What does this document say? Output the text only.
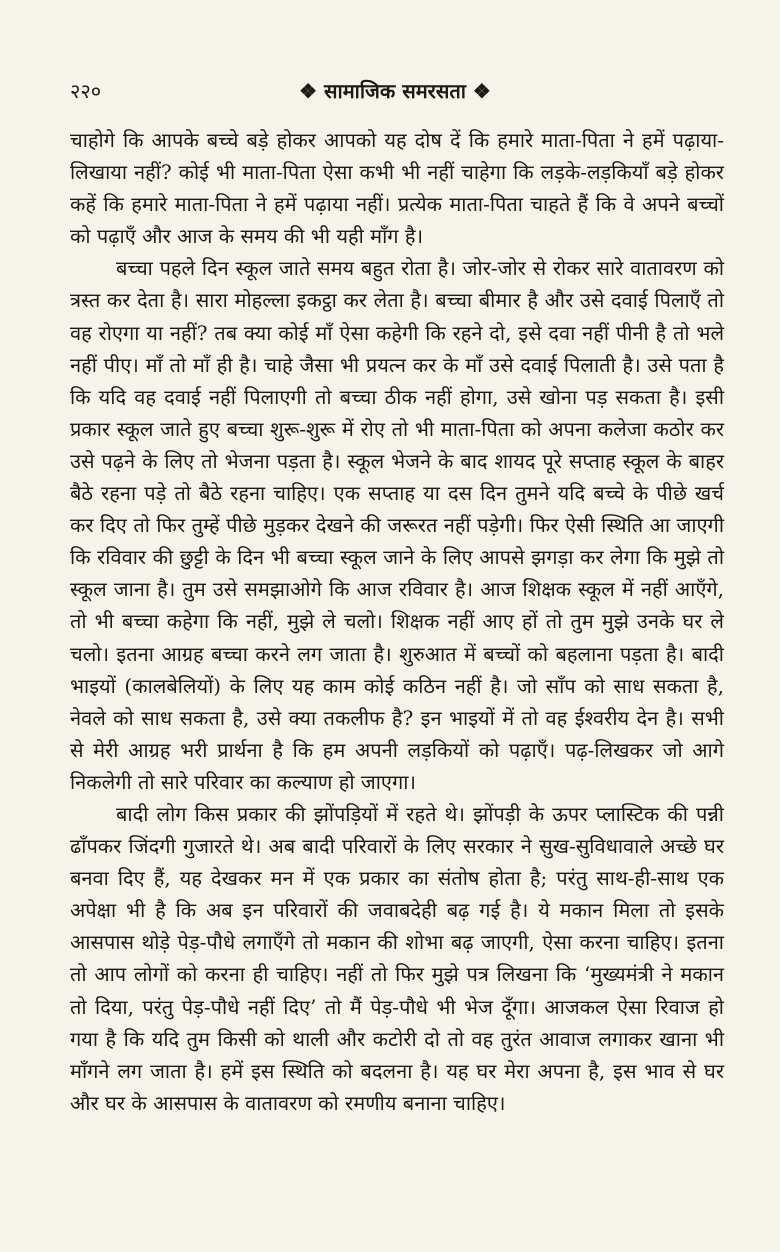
२२०	❖ सामाजिक समरसता ❖

चाहोगे कि आपके बच्चे बड़े होकर आपको यह दोष दें कि हमारे माता-पिता ने हमें पढ़ाया-लिखाया नहीं? कोई भी माता-पिता ऐसा कभी भी नहीं चाहेगा कि लड़के-लड़कियाँ बड़े होकर कहें कि हमारे माता-पिता ने हमें पढ़ाया नहीं। प्रत्येक माता-पिता चाहते हैं कि वे अपने बच्चों को पढ़ाएँ और आज के समय की भी यही माँग है।

बच्चा पहले दिन स्कूल जाते समय बहुत रोता है। जोर-जोर से रोकर सारे वातावरण को त्रस्त कर देता है। सारा मोहल्ला इकट्ठा कर लेता है। बच्चा बीमार है और उसे दवाई पिलाएँ तो वह रोएगा या नहीं? तब क्या कोई माँ ऐसा कहेगी कि रहने दो, इसे दवा नहीं पीनी है तो भले नहीं पीए। माँ तो माँ ही है। चाहे जैसा भी प्रयत्न कर के माँ उसे दवाई पिलाती है। उसे पता है कि यदि वह दवाई नहीं पिलाएगी तो बच्चा ठीक नहीं होगा, उसे खोना पड़ सकता है। इसी प्रकार स्कूल जाते हुए बच्चा शुरू-शुरू में रोए तो भी माता-पिता को अपना कलेजा कठोर कर उसे पढ़ने के लिए तो भेजना पड़ता है। स्कूल भेजने के बाद शायद पूरे सप्ताह स्कूल के बाहर बैठे रहना पड़े तो बैठे रहना चाहिए। एक सप्ताह या दस दिन तुमने यदि बच्चे के पीछे खर्च कर दिए तो फिर तुम्हें पीछे मुड़कर देखने की जरूरत नहीं पड़ेगी। फिर ऐसी स्थिति आ जाएगी कि रविवार की छुट्टी के दिन भी बच्चा स्कूल जाने के लिए आपसे झगड़ा कर लेगा कि मुझे तो स्कूल जाना है। तुम उसे समझाओगे कि आज रविवार है। आज शिक्षक स्कूल में नहीं आएँगे, तो भी बच्चा कहेगा कि नहीं, मुझे ले चलो। शिक्षक नहीं आए हों तो तुम मुझे उनके घर ले चलो। इतना आग्रह बच्चा करने लग जाता है। शुरुआत में बच्चों को बहलाना पड़ता है। बादी भाइयों (कालबेलियों) के लिए यह काम कोई कठिन नहीं है। जो साँप को साध सकता है, नेवले को साध सकता है, उसे क्या तकलीफ है? इन भाइयों में तो वह ईश्वरीय देन है। सभी से मेरी आग्रह भरी प्रार्थना है कि हम अपनी लड़कियों को पढ़ाएँ। पढ़-लिखकर जो आगे निकलेगी तो सारे परिवार का कल्याण हो जाएगा।

बादी लोग किस प्रकार की झोंपड़ियों में रहते थे। झोंपड़ी के ऊपर प्लास्टिक की पन्नी ढाँपकर जिंदगी गुजारते थे। अब बादी परिवारों के लिए सरकार ने सुख-सुविधावाले अच्छे घर बनवा दिए हैं, यह देखकर मन में एक प्रकार का संतोष होता है; परंतु साथ-ही-साथ एक अपेक्षा भी है कि अब इन परिवारों की जवाबदेही बढ़ गई है। ये मकान मिला तो इसके आसपास थोड़े पेड़-पौधे लगाएँगे तो मकान की शोभा बढ़ जाएगी, ऐसा करना चाहिए। इतना तो आप लोगों को करना ही चाहिए। नहीं तो फिर मुझे पत्र लिखना कि ‘मुख्यमंत्री ने मकान तो दिया, परंतु पेड़-पौधे नहीं दिए’ तो मैं पेड़-पौधे भी भेज दूँगा। आजकल ऐसा रिवाज हो गया है कि यदि तुम किसी को थाली और कटोरी दो तो वह तुरंत आवाज लगाकर खाना भी माँगने लग जाता है। हमें इस स्थिति को बदलना है। यह घर मेरा अपना है, इस भाव से घर और घर के आसपास के वातावरण को रमणीय बनाना चाहिए।
